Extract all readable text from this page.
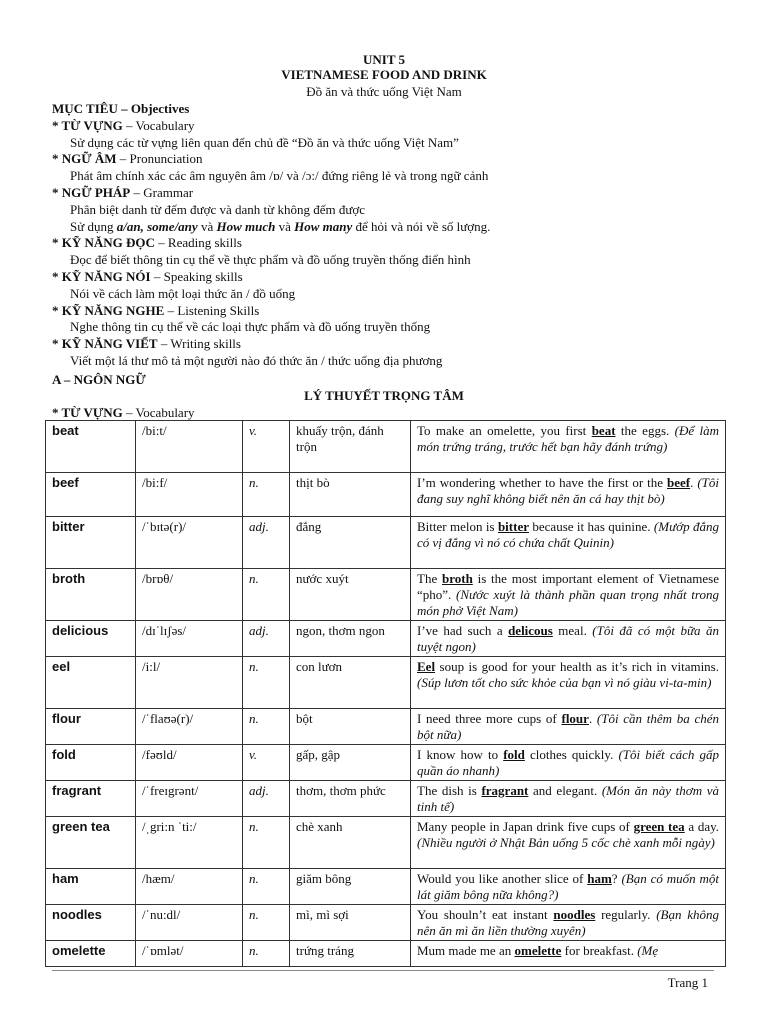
UNIT 5
VIETNAMESE FOOD AND DRINK
Đồ ăn và thức uống Việt Nam
MỤC TIÊU – Objectives
* TỪ VỰNG – Vocabulary
Sử dụng các từ vựng liên quan đến chủ đề “Đồ ăn và thức uống Việt Nam”
* NGỮ ÂM – Pronunciation
Phát âm chính xác các âm nguyên âm /ɒ/ và /ɔ:/ đứng riêng lẻ và trong ngữ cảnh
* NGỮ PHÁP – Grammar
Phân biệt danh từ đếm được và danh từ không đếm được
Sử dụng a/an, some/any và How much và How many để hỏi và nói về số lượng.
* KỸ NĂNG ĐỌC – Reading skills
Đọc để biết thông tin cụ thể về thực phẩm và đồ uống truyền thống điển hình
* KỸ NĂNG NÓI – Speaking skills
Nói về cách làm một loại thức ăn / đồ uống
* KỸ NĂNG NGHE – Listening Skills
Nghe thông tin cụ thể về các loại thực phẩm và đồ uống truyền thống
* KỸ NĂNG VIẾT – Writing skills
Viết một lá thư mô tả một người nào đó thức ăn / thức uống địa phương
A – NGÔN NGỮ
LÝ THUYẾT TRỌNG TÂM
* TỪ VỰNG – Vocabulary
beat	/bi:t/	v.	khuấy trộn, đánh trộn	To make an omelette, you first beat the eggs. (Để làm món trứng tráng, trước hết bạn hãy đánh trứng)
beef	/bi:f/	n.	thịt bò	I’m wondering whether to have the first or the beef. (Tôi đang suy nghĩ không biết nên ăn cá hay thịt bò)
bitter	/ˈbɪtə(r)/	adj.	đắng	Bitter melon is bitter because it has quinine. (Mướp đắng có vị đắng vì nó có chứa chất Quinin)
broth	/brɒθ/	n.	nước xuýt	The broth is the most important element of Vietnamese “pho”. (Nước xuýt là thành phần quan trọng nhất trong món phở Việt Nam)
delicious	/dɪˈlɪʃəs/	adj.	ngon, thơm ngon	I’ve had such a delicous meal. (Tôi đã có một bữa ăn tuyệt ngon)
eel	/i:l/	n.	con lươn	Eel soup is good for your health as it’s rich in vitamins. (Súp lươn tốt cho sức khỏe của bạn vì nó giàu vi-ta-min)
flour	/ˈflaʊə(r)/	n.	bột	I need three more cups of flour. (Tôi cần thêm ba chén bột nữa)
fold	/fəʊld/	v.	gấp, gập	I know how to fold clothes quickly. (Tôi biết cách gấp quần áo nhanh)
fragrant	/ˈfreɪgrənt/	adj.	thơm, thơm phức	The dish is fragrant and elegant. (Món ăn này thơm và tinh tế)
green tea	/ˌgri:n ˈti:/	n.	chè xanh	Many people in Japan drink five cups of green tea a day. (Nhiều người ở Nhật Bản uống 5 cốc chè xanh mỗi ngày)
ham	/hæm/	n.	giăm bông	Would you like another slice of ham? (Bạn có muốn một lát giăm bông nữa không?)
noodles	/ˈnu:dl/	n.	mì, mì sợi	You shouln’t eat instant noodles regularly. (Bạn không nên ăn mì ăn liền thường xuyên)
omelette	/ˈɒmlət/	n.	trứng tráng	Mum made me an omelette for breakfast. (Mẹ
Trang 1
